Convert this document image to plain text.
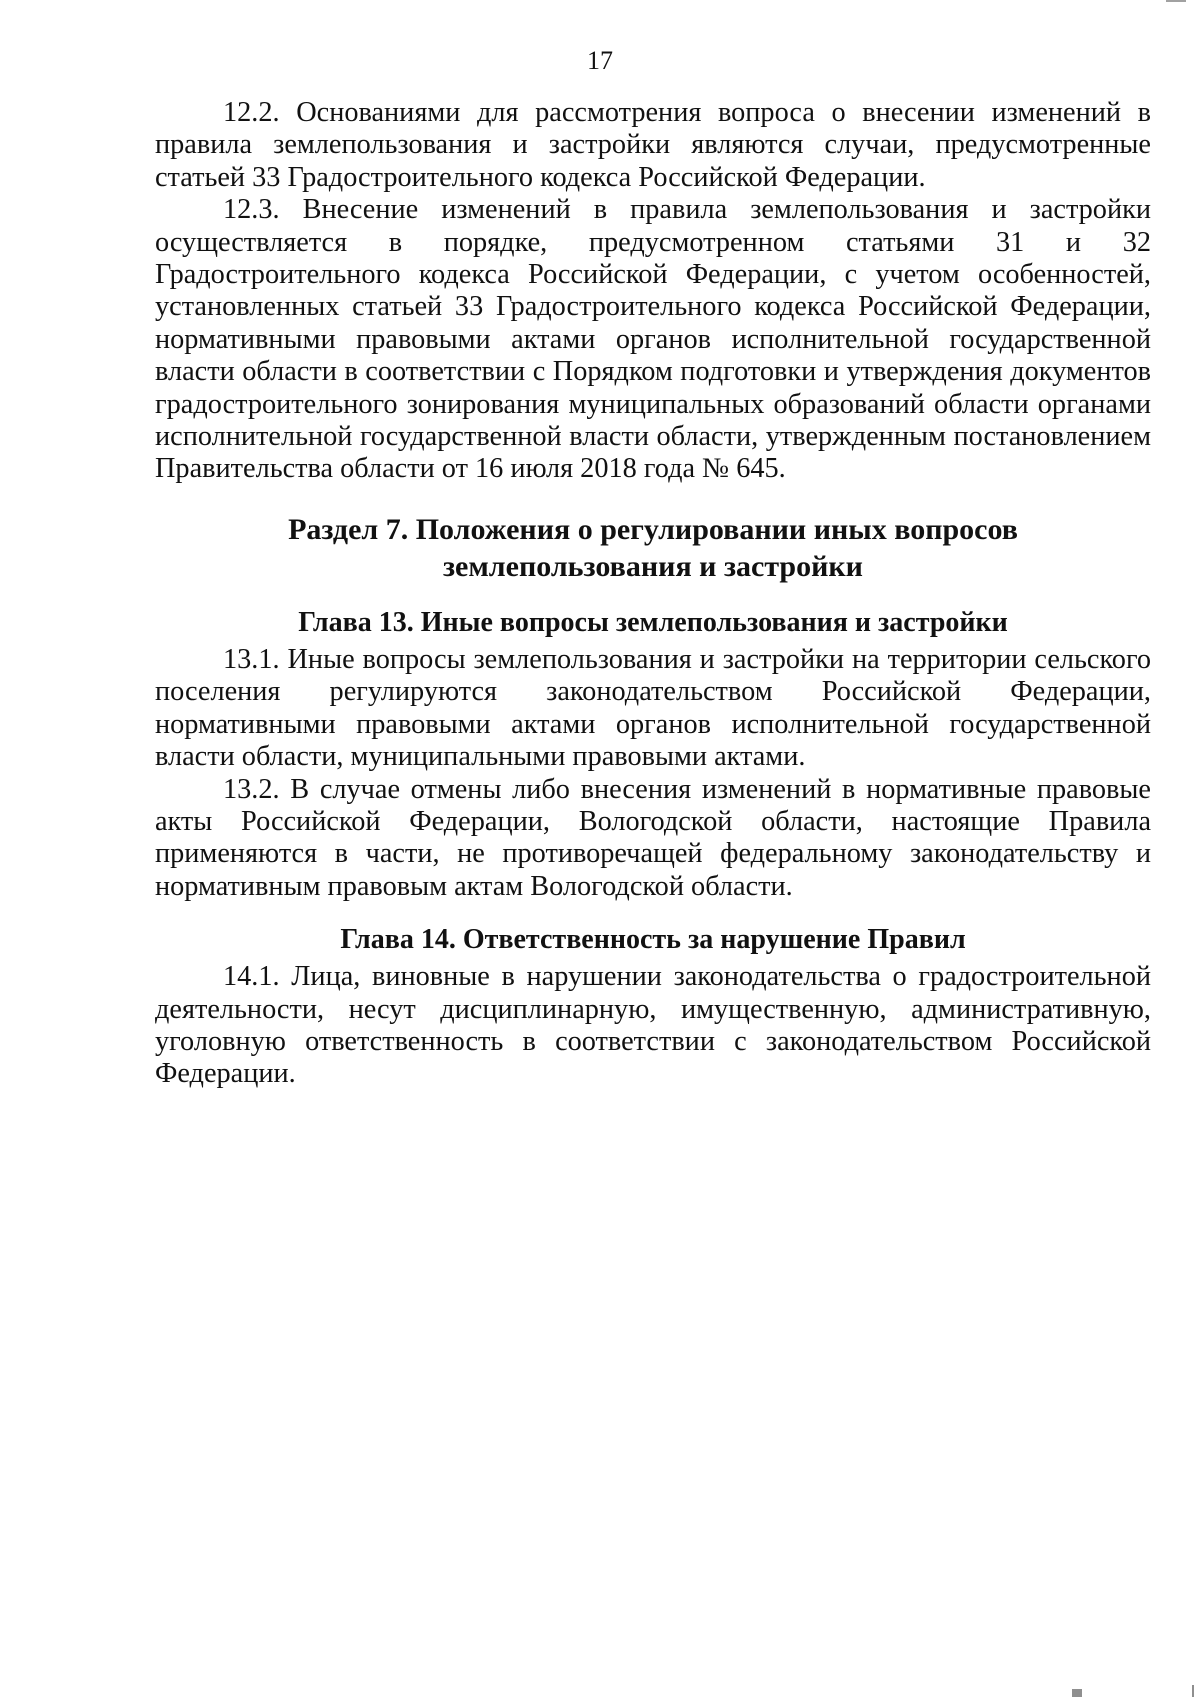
17

12.2. Основаниями для рассмотрения вопроса о внесении изменений в правила землепользования и застройки являются случаи, предусмотренные статьей 33 Градостроительного кодекса Российской Федерации.

12.3. Внесение изменений в правила землепользования и застройки осуществляется в порядке, предусмотренном статьями 31 и 32 Градостроительного кодекса Российской Федерации, с учетом особенностей, установленных статьей 33 Градостроительного кодекса Российской Федерации, нормативными правовыми актами органов исполнительной государственной власти области в соответствии с Порядком подготовки и утверждения документов градостроительного зонирования муниципальных образований области органами исполнительной государственной власти области, утвержденным постановлением Правительства области от 16 июля 2018 года № 645.

Раздел 7. Положения о регулировании иных вопросов
землепользования и застройки
Глава 13. Иные вопросы землепользования и застройки

13.1. Иные вопросы землепользования и застройки на территории сельского поселения регулируются законодательством Российской Федерации, нормативными правовыми актами органов исполнительной государственной власти области, муниципальными правовыми актами.

13.2. В случае отмены либо внесения изменений в нормативные правовые акты Российской Федерации, Вологодской области, настоящие Правила применяются в части, не противоречащей федеральному законодательству и нормативным правовым актам Вологодской области.

Глава 14. Ответственность за нарушение Правил

14.1. Лица, виновные в нарушении законодательства о градостроительной деятельности, несут дисциплинарную, имущественную, административную, уголовную ответственность в соответствии с законодательством Российской Федерации.
